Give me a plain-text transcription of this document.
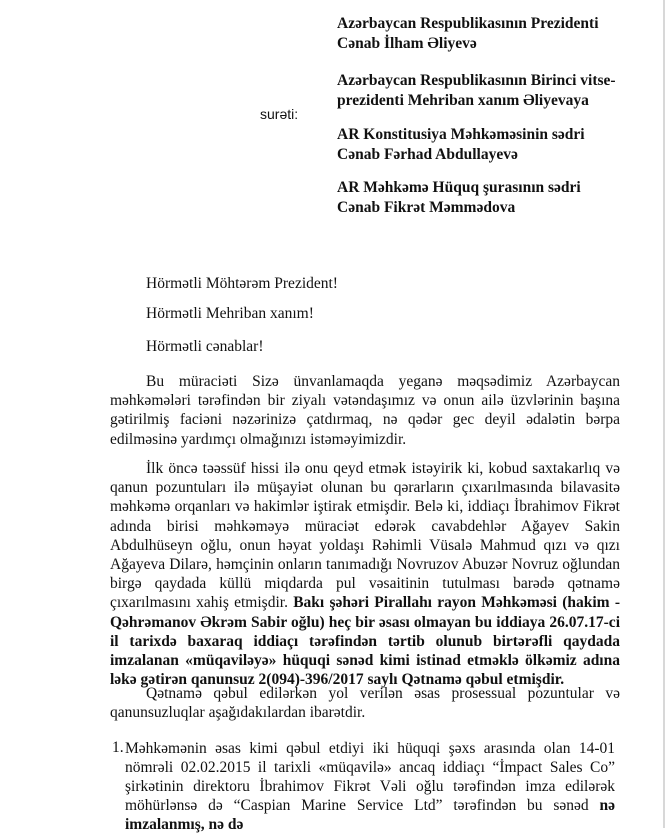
Azərbaycan Respublikasının Prezidenti
Cənab İlham Əliyevə
Azərbaycan Respublikasının Birinci vitse-
prezidenti Mehriban xanım Əliyevaya
surəti:
AR Konstitusiya Məhkəməsinin sədri
Cənab Fərhad Abdullayevə
AR Məhkəmə Hüquq şurasının sədri
Cənab Fikrət Məmmədova
Hörmətli Möhtərəm Prezident!
Hörmətli Mehriban xanım!
Hörmətli cənablar!
Bu müraciəti Sizə ünvanlamaqda yeganə məqsədimiz Azərbaycan məhkəmələri tərəfindən bir ziyalı vətəndaşımız və onun ailə üzvlərinin başına gətirilmiş faciəni nəzərinizə çatdırmaq, nə qədər gec deyil ədalətin bərpa edilməsinə yardımçı olmağınızı istəməyimizdir.
İlk öncə təəssüf hissi ilə onu qeyd etmək istəyirik ki, kobud saxtakarlıq və qanun pozuntuları ilə müşayiət olunan bu qərarların çıxarılmasında bilavasitə məhkəmə orqanları və hakimlər iştirak etmişdir. Belə ki, iddiaçı İbrahimov Fikrət adında birisi məhkəməyə müraciət edərək cavabdehlər Ağayev Sakin Abdulhüseyn oğlu, onun həyat yoldaşı Rəhimli Vüsalə Mahmud qızı və qızı Ağayeva Dilarə, həmçinin onların tanımadığı Novruzov Abuzər Novruz oğlundan birgə qaydada küllü miqdarda pul vəsaitinin tutulması barədə qətnamə çıxarılmasını xahiş etmişdir. Bakı şəhəri Pirallahı rayon Məhkəməsi (hakim - Qəhrəmanov Əkrəm Sabir oğlu) heç bir əsası olmayan bu iddiaya 26.07.17-ci il tarixdə baxaraq iddiaçı tərəfindən tərtib olunub birtərəfli qaydada imzalanan «müqaviləyə» hüquqi sənəd kimi istinad etməklə ölkəmiz adına ləkə gətirən qanunsuz 2(094)-396/2017 saylı Qətnamə qəbul etmişdir.
Qətnamə qəbul edilərkən yol verilən əsas prosessual pozuntular və qanunsuzluqlar aşağıdakılardan ibarətdir.
1. Məhkəmənin əsas kimi qəbul etdiyi iki hüquqi şəxs arasında olan 14-01 nömrəli 02.02.2015 il tarixli «müqavilə» ancaq iddiaçı “İmpact Sales Co” şirkətinin direktoru İbrahimov Fikrət Vəli oğlu tərəfindən imza edilərək möhürlənsə də “Caspian Marine Service Ltd” tərəfindən bu sənəd nə imzalanmış, nə də
